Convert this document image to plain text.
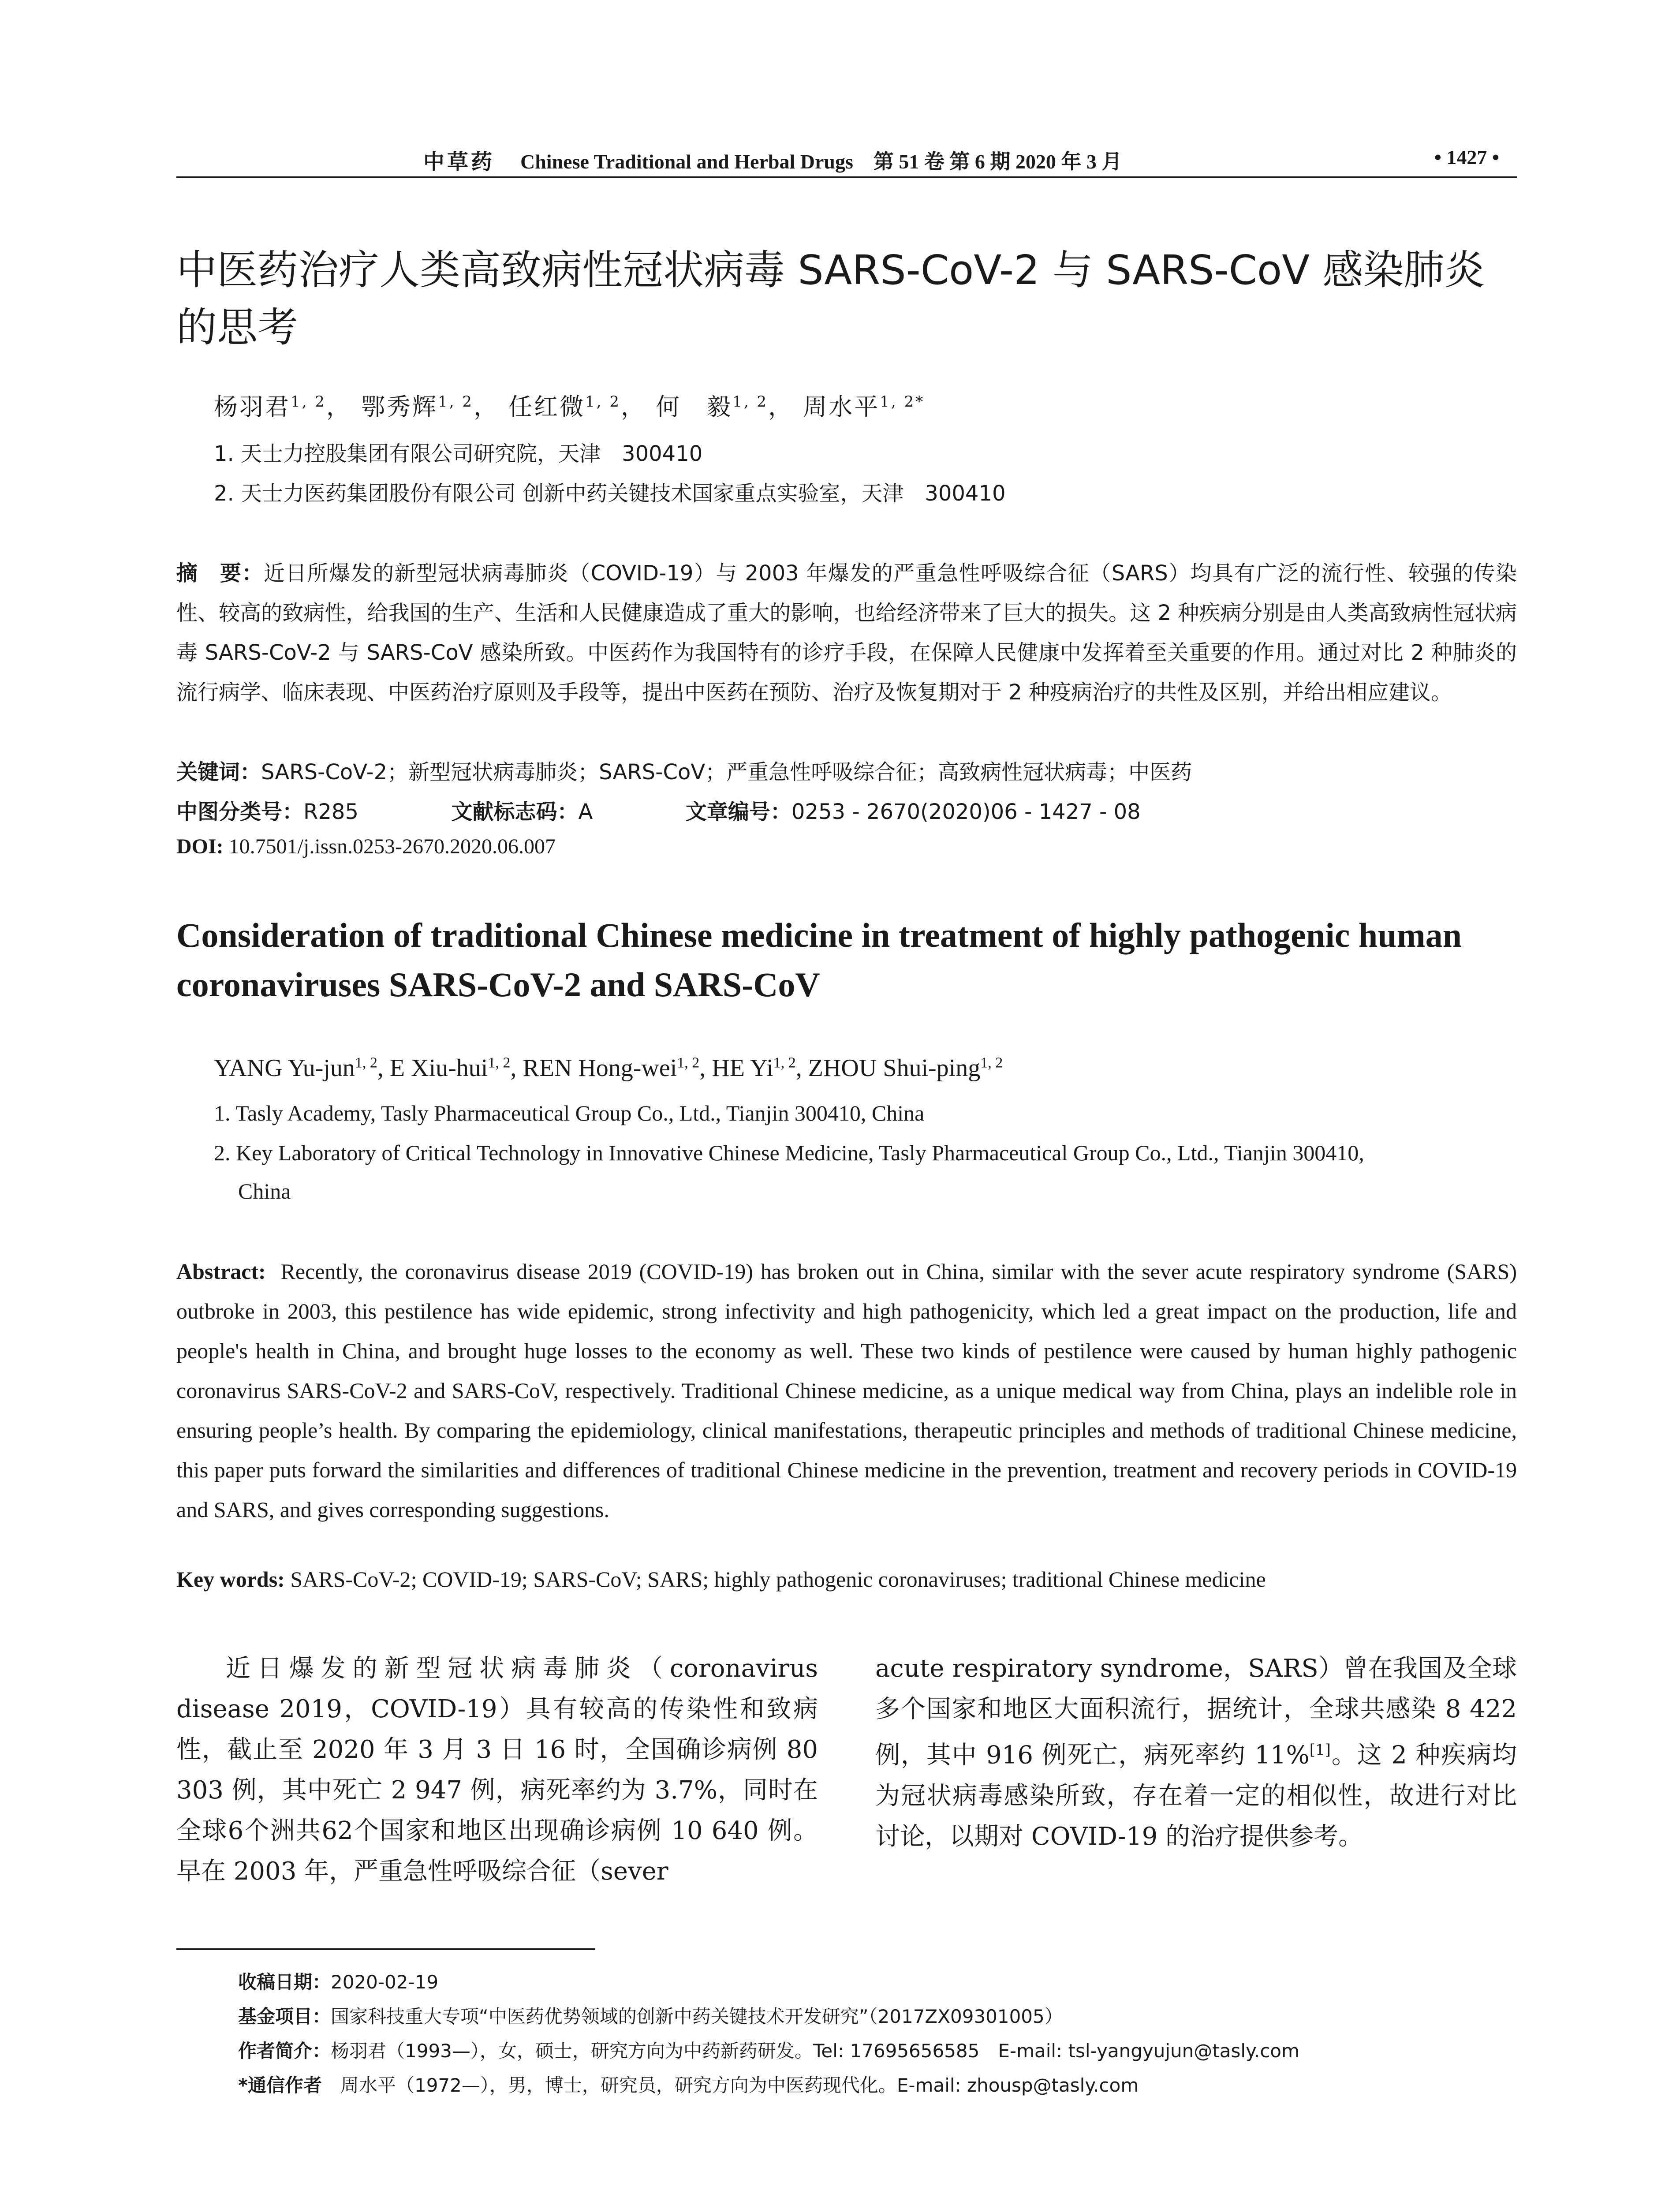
中草药 Chinese Traditional and Herbal Drugs　第 51 卷 第 6 期 2020 年 3 月	• 1427 •
中医药治疗人类高致病性冠状病毒 SARS-CoV-2 与 SARS-CoV 感染肺炎的思考
杨羽君$^{1, 2}$， 鄂秀辉$^{1, 2}$， 任红微$^{1, 2}$， 何　毅$^{1, 2}$， 周水平$^{1, 2*}$
1. 天士力控股集团有限公司研究院，天津　300410
2. 天士力医药集团股份有限公司 创新中药关键技术国家重点实验室，天津　300410
摘　要：近日所爆发的新型冠状病毒肺炎（COVID-19）与 2003 年爆发的严重急性呼吸综合征（SARS）均具有广泛的流行性、较强的传染性、较高的致病性，给我国的生产、生活和人民健康造成了重大的影响，也给经济带来了巨大的损失。这 2 种疾病分别是由人类高致病性冠状病毒 SARS-CoV-2 与 SARS-CoV 感染所致。中医药作为我国特有的诊疗手段，在保障人民健康中发挥着至关重要的作用。通过对比 2 种肺炎的流行病学、临床表现、中医药治疗原则及手段等，提出中医药在预防、治疗及恢复期对于 2 种疫病治疗的共性及区别，并给出相应建议。
关键词：SARS-CoV-2；新型冠状病毒肺炎；SARS-CoV；严重急性呼吸综合征；高致病性冠状病毒；中医药
中图分类号：R285	文献标志码：A	文章编号：0253 - 2670(2020)06 - 1427 - 08
DOI: 10.7501/j.issn.0253-2670.2020.06.007
Consideration of traditional Chinese medicine in treatment of highly pathogenic human coronaviruses SARS-CoV-2 and SARS-CoV
YANG Yu-jun$^{1, 2}$, E Xiu-hui$^{1, 2}$, REN Hong-wei$^{1, 2}$, HE Yi$^{1, 2}$, ZHOU Shui-ping$^{1, 2}$
1. Tasly Academy, Tasly Pharmaceutical Group Co., Ltd., Tianjin 300410, China
2. Key Laboratory of Critical Technology in Innovative Chinese Medicine, Tasly Pharmaceutical Group Co., Ltd., Tianjin 300410,
China
Abstract: Recently, the coronavirus disease 2019 (COVID-19) has broken out in China, similar with the sever acute respiratory syndrome (SARS) outbroke in 2003, this pestilence has wide epidemic, strong infectivity and high pathogenicity, which led a great impact on the production, life and people's health in China, and brought huge losses to the economy as well. These two kinds of pestilence were caused by human highly pathogenic coronavirus SARS-CoV-2 and SARS-CoV, respectively. Traditional Chinese medicine, as a unique medical way from China, plays an indelible role in ensuring people’s health. By comparing the epidemiology, clinical manifestations, therapeutic principles and methods of traditional Chinese medicine, this paper puts forward the similarities and differences of traditional Chinese medicine in the prevention, treatment and recovery periods in COVID-19 and SARS, and gives corresponding suggestions.
Key words: SARS-CoV-2; COVID-19; SARS-CoV; SARS; highly pathogenic coronaviruses; traditional Chinese medicine
近日爆发的新型冠状病毒肺炎（coronavirus disease 2019，COVID-19）具有较高的传染性和致病性，截止至 2020 年 3 月 3 日 16 时，全国确诊病例 80 303 例，其中死亡 2 947 例，病死率约为 3.7%，同时在全球6个洲共62个国家和地区出现确诊病例 10 640 例。早在 2003 年，严重急性呼吸综合征（sever
acute respiratory syndrome，SARS）曾在我国及全球多个国家和地区大面积流行，据统计，全球共感染 8 422 例，其中 916 例死亡，病死率约 11%[1]。这 2 种疾病均为冠状病毒感染所致，存在着一定的相似性，故进行对比讨论，以期对 COVID-19 的治疗提供参考。
收稿日期：2020-02-19
基金项目：国家科技重大专项“中医药优势领域的创新中药关键技术开发研究”（2017ZX09301005）
作者简介：杨羽君（1993—），女，硕士，研究方向为中药新药研发。Tel: 17695656585　E-mail: tsl-yangyujun@tasly.com
*通信作者　周水平（1972—），男，博士，研究员，研究方向为中医药现代化。E-mail: zhousp@tasly.com
